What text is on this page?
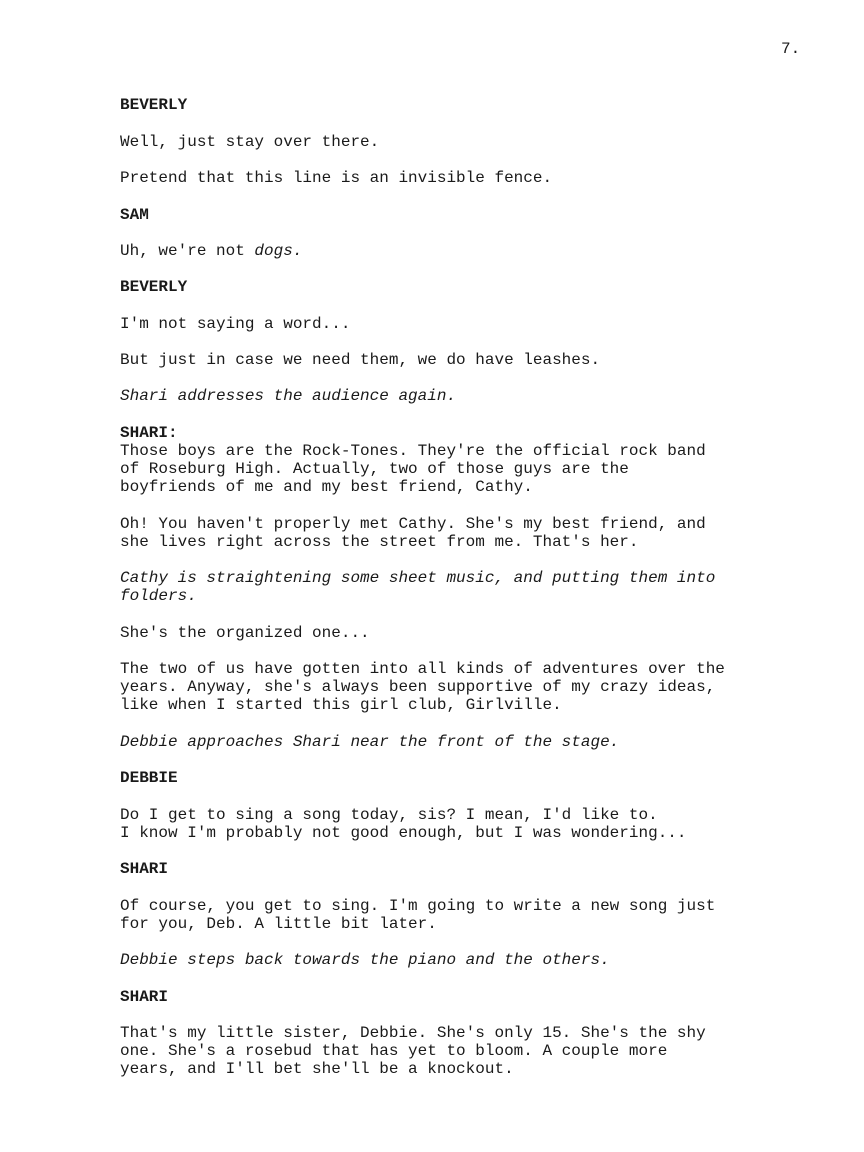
7.
BEVERLY
Well, just stay over there.
Pretend that this line is an invisible fence.
SAM
Uh, we're not dogs.
BEVERLY
I'm not saying a word...
But just in case we need them, we do have leashes.
Shari addresses the audience again.
SHARI:
Those boys are the Rock-Tones. They're the official rock band
of Roseburg High. Actually, two of those guys are the
boyfriends of me and my best friend, Cathy.
Oh! You haven't properly met Cathy. She's my best friend, and
she lives right across the street from me. That's her.
Cathy is straightening some sheet music, and putting them into
folders.
She's the organized one...
The two of us have gotten into all kinds of adventures over the
years. Anyway, she's always been supportive of my crazy ideas,
like when I started this girl club, Girlville.
Debbie approaches Shari near the front of the stage.
DEBBIE
Do I get to sing a song today, sis? I mean, I'd like to.
I know I'm probably not good enough, but I was wondering...
SHARI
Of course, you get to sing. I'm going to write a new song just
for you, Deb. A little bit later.
Debbie steps back towards the piano and the others.
SHARI
That's my little sister, Debbie. She's only 15. She's the shy
one. She's a rosebud that has yet to bloom. A couple more
years, and I'll bet she'll be a knockout.
